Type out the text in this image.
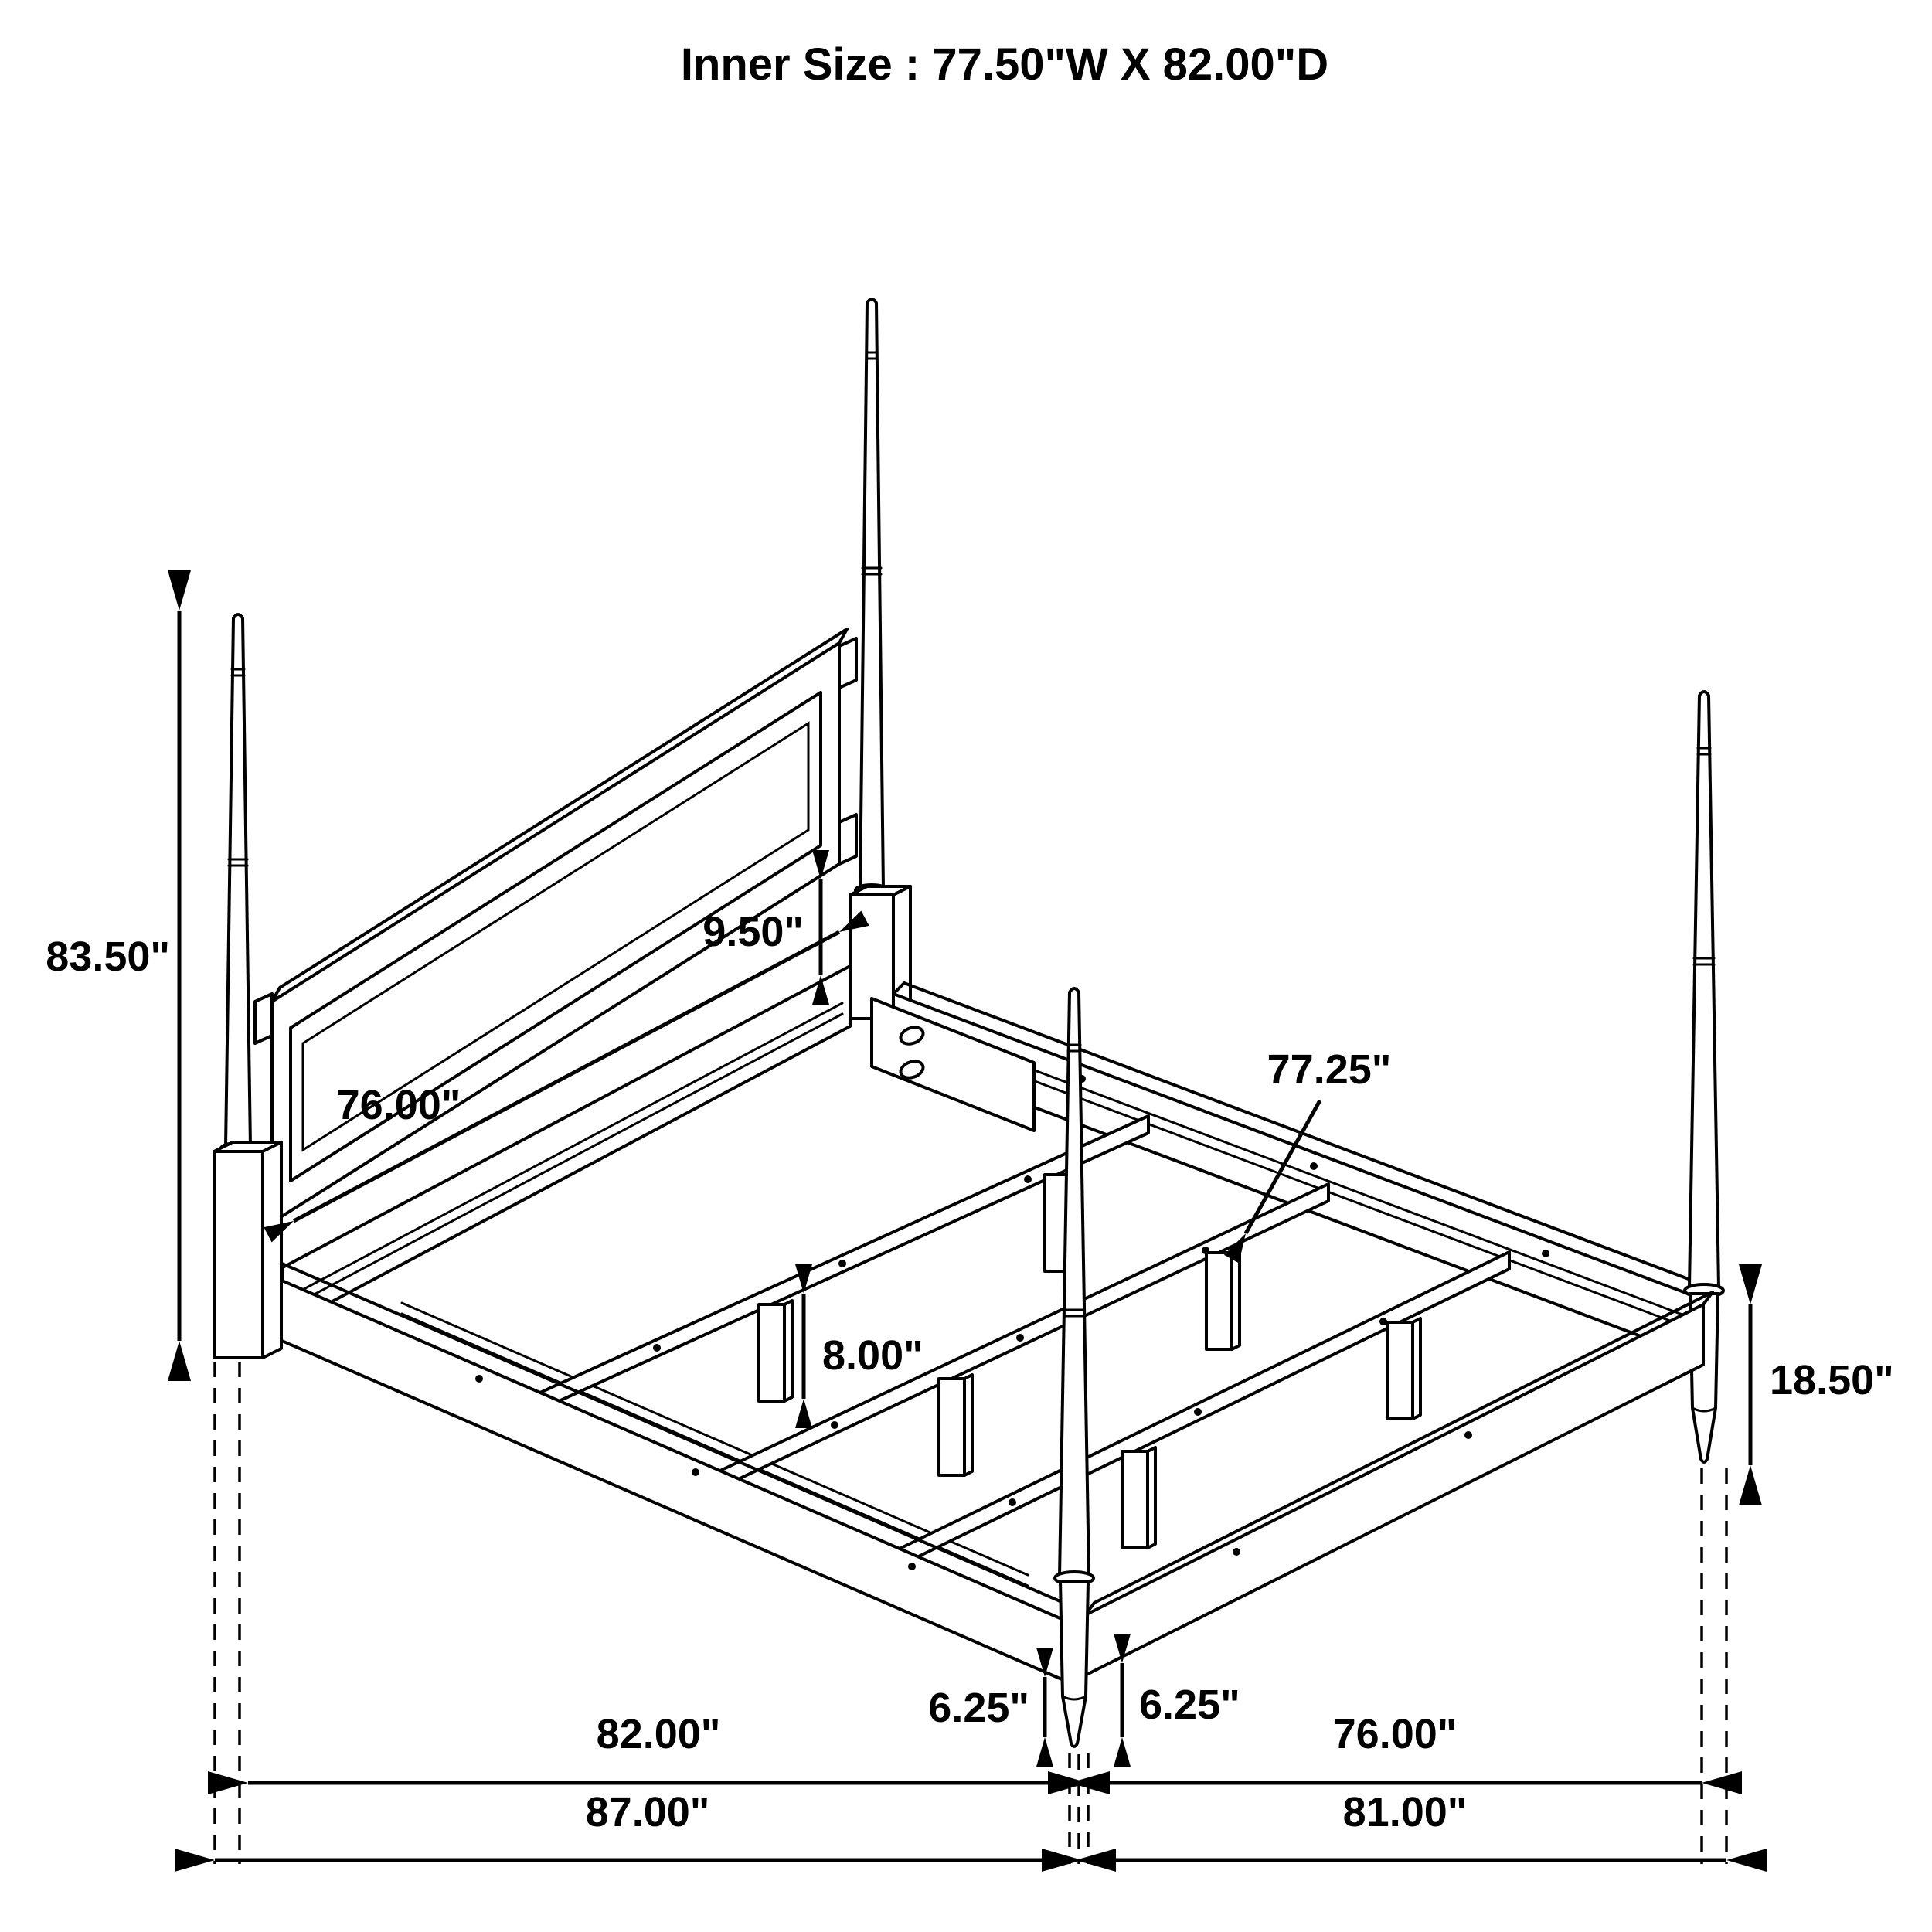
Inner Size : 77.50"W X 82.00"D
83.50"
76.00"
9.50"
77.25"
8.00"
18.50"
6.25"	6.25"
82.00"	76.00"
87.00"	81.00"
